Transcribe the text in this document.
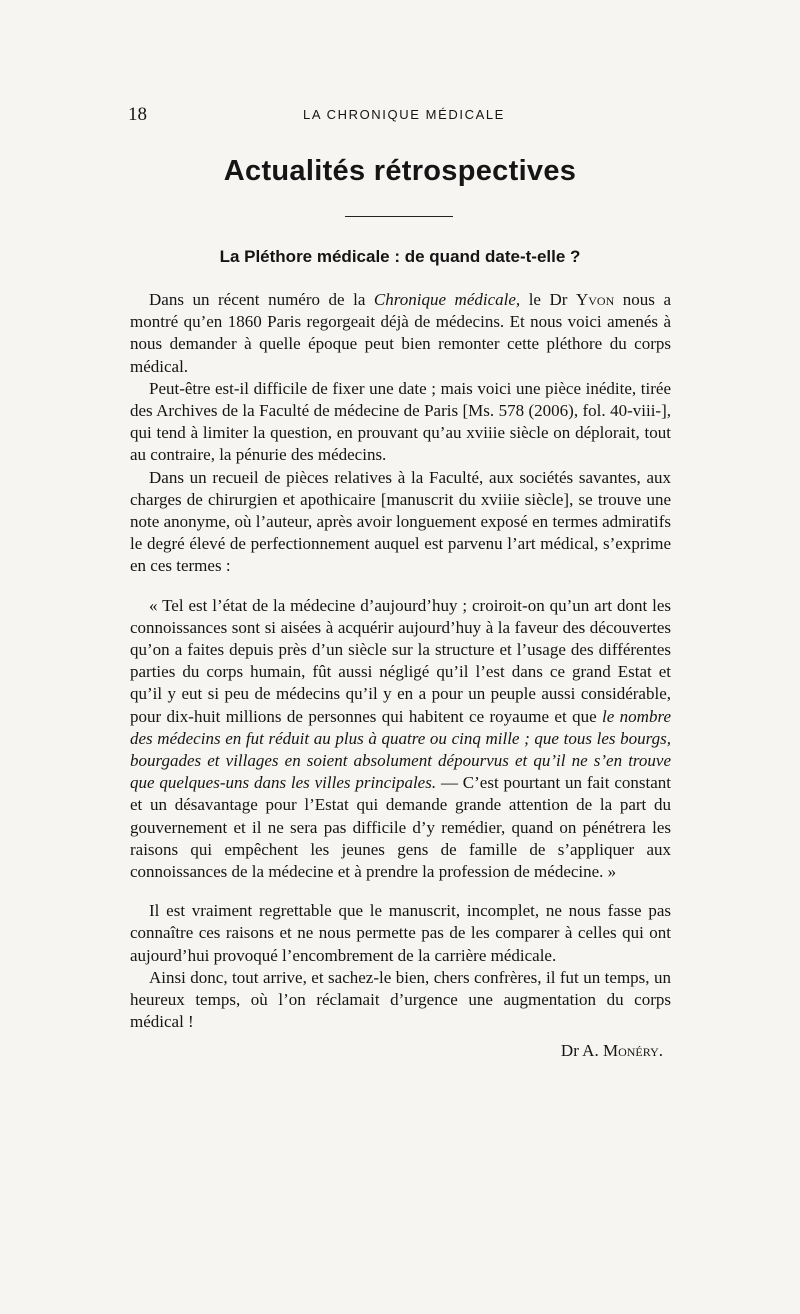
18	LA CHRONIQUE MÉDICALE
Actualités rétrospectives
La Pléthore médicale : de quand date-t-elle ?

Dans un récent numéro de la Chronique médicale, le Dr Yvon nous a montré qu’en 1860 Paris regorgeait déjà de médecins. Et nous voici amenés à nous demander à quelle époque peut bien remonter cette pléthore du corps médical.

Peut-être est-il difficile de fixer une date ; mais voici une pièce inédite, tirée des Archives de la Faculté de médecine de Paris [Ms. 578 (2006), fol. 40-viii-], qui tend à limiter la question, en prouvant qu’au xviiie siècle on déplorait, tout au contraire, la pénurie des médecins.

Dans un recueil de pièces relatives à la Faculté, aux sociétés savantes, aux charges de chirurgien et apothicaire [manuscrit du xviiie siècle], se trouve une note anonyme, où l’auteur, après avoir longuement exposé en termes admiratifs le degré élevé de perfectionnement auquel est parvenu l’art médical, s’exprime en ces termes :

« Tel est l’état de la médecine d’aujourd’huy ; croiroit-on qu’un art dont les connoissances sont si aisées à acquérir aujourd’huy à la faveur des découvertes qu’on a faites depuis près d’un siècle sur la structure et l’usage des différentes parties du corps humain, fût aussi négligé qu’il l’est dans ce grand Estat et qu’il y eut si peu de médecins qu’il y en a pour un peuple aussi considérable, pour dix-huit millions de personnes qui habitent ce royaume et que le nombre des médecins en fut réduit au plus à quatre ou cinq mille ; que tous les bourgs, bourgades et villages en soient absolument dépourvus et qu’il ne s’en trouve que quelques-uns dans les villes principales. — C’est pourtant un fait constant et un désavantage pour l’Estat qui demande grande attention de la part du gouvernement et il ne sera pas difficile d’y remédier, quand on pénétrera les raisons qui empêchent les jeunes gens de famille de s’appliquer aux connoissances de la médecine et à prendre la profession de médecine. »

Il est vraiment regrettable que le manuscrit, incomplet, ne nous fasse pas connaître ces raisons et ne nous permette pas de les comparer à celles qui ont aujourd’hui provoqué l’encombrement de la carrière médicale.

Ainsi donc, tout arrive, et sachez-le bien, chers confrères, il fut un temps, un heureux temps, où l’on réclamait d’urgence une augmentation du corps médical !

Dr A. Monéry.
